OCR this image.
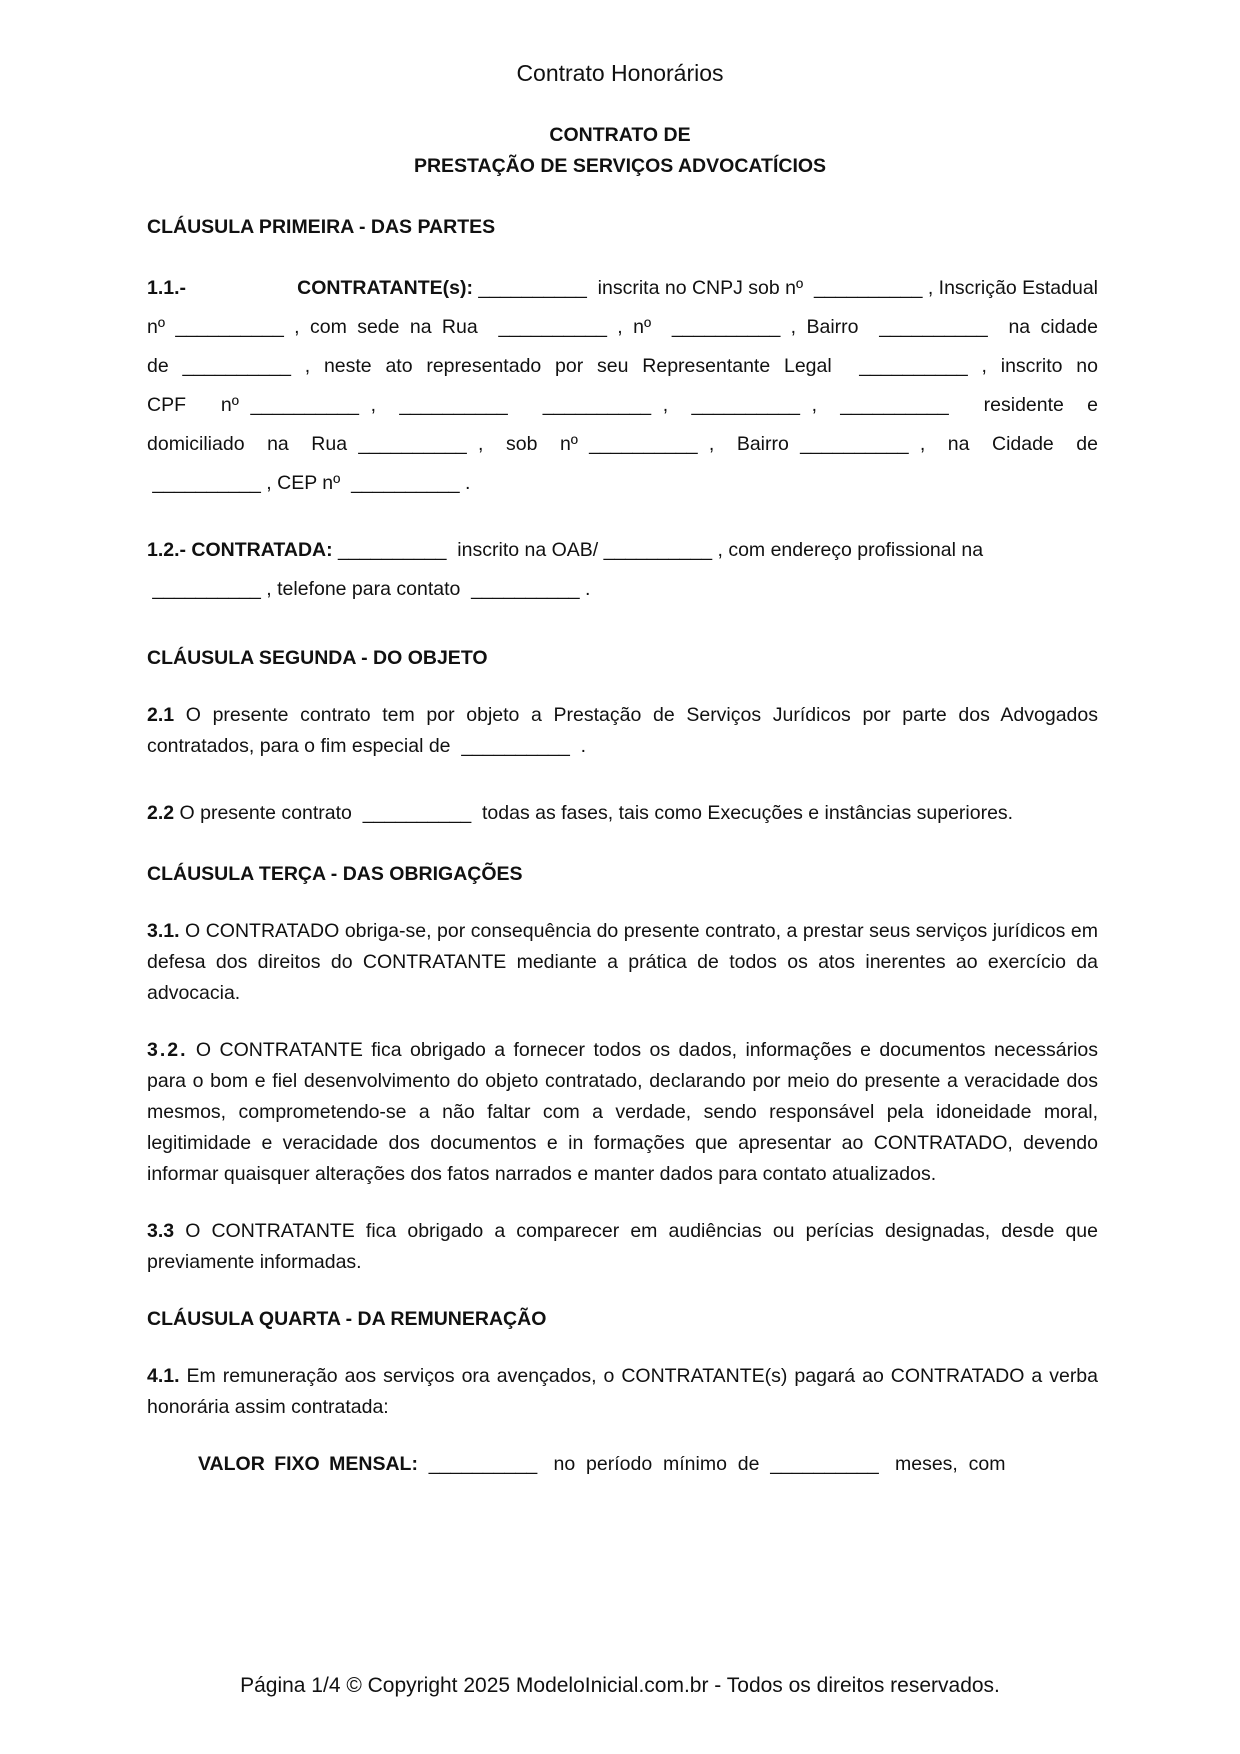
Contrato Honorários
CONTRATO DE
PRESTAÇÃO DE SERVIÇOS ADVOCATÍCIOS

CLÁUSULA PRIMEIRA - DAS PARTES

1.1.- CONTRATANTE(s): __________  inscrita no CNPJ sob nº  __________ , Inscrição Estadual
nº __________ , com sede na Rua  __________ , nº  __________ , Bairro  __________  na cidade
de __________ , neste ato representado por seu Representante Legal  __________ , inscrito no
CPF   nº __________ ,  __________   __________ ,  __________ ,  __________   residente  e
domiciliado  na  Rua __________ ,  sob  nº __________ ,  Bairro __________ ,  na  Cidade  de
__________ , CEP nº  __________ .
1.2.- CONTRATADA: __________  inscrito na OAB/ __________ , com endereço profissional na
__________ , telefone para contato  __________ .

CLÁUSULA SEGUNDA - DO OBJETO

2.1 O presente contrato tem por objeto a Prestação de Serviços Jurídicos por parte dos Advogados contratados, para o fim especial de  __________  .

2.2 O presente contrato  __________  todas as fases, tais como Execuções e instâncias superiores.

CLÁUSULA TERÇA - DAS OBRIGAÇÕES

3.1. O CONTRATADO obriga-se, por consequência do presente contrato, a prestar seus serviços jurídicos em defesa dos direitos do CONTRATANTE mediante a prática de todos os atos inerentes ao exercício da advocacia.

3.2. O CONTRATANTE fica obrigado a fornecer todos os dados, informações e documentos necessários para o bom e fiel desenvolvimento do objeto contratado, declarando por meio do presente a veracidade dos mesmos, comprometendo-se a não faltar com a verdade, sendo responsável pela idoneidade moral, legitimidade e veracidade dos documentos e in formações que apresentar ao CONTRATADO, devendo informar quaisquer alterações dos fatos narrados e manter dados para contato atualizados.

3.3 O CONTRATANTE fica obrigado a comparecer em audiências ou perícias designadas, desde que previamente informadas.

CLÁUSULA QUARTA - DA REMUNERAÇÃO

4.1. Em remuneração aos serviços ora avençados, o CONTRATANTE(s) pagará ao CONTRATADO a verba honorária assim contratada:

VALOR FIXO MENSAL:  __________   no  período  mínimo  de  __________   meses,  com

Página 1/4 © Copyright 2025 ModeloInicial.com.br - Todos os direitos reservados.
